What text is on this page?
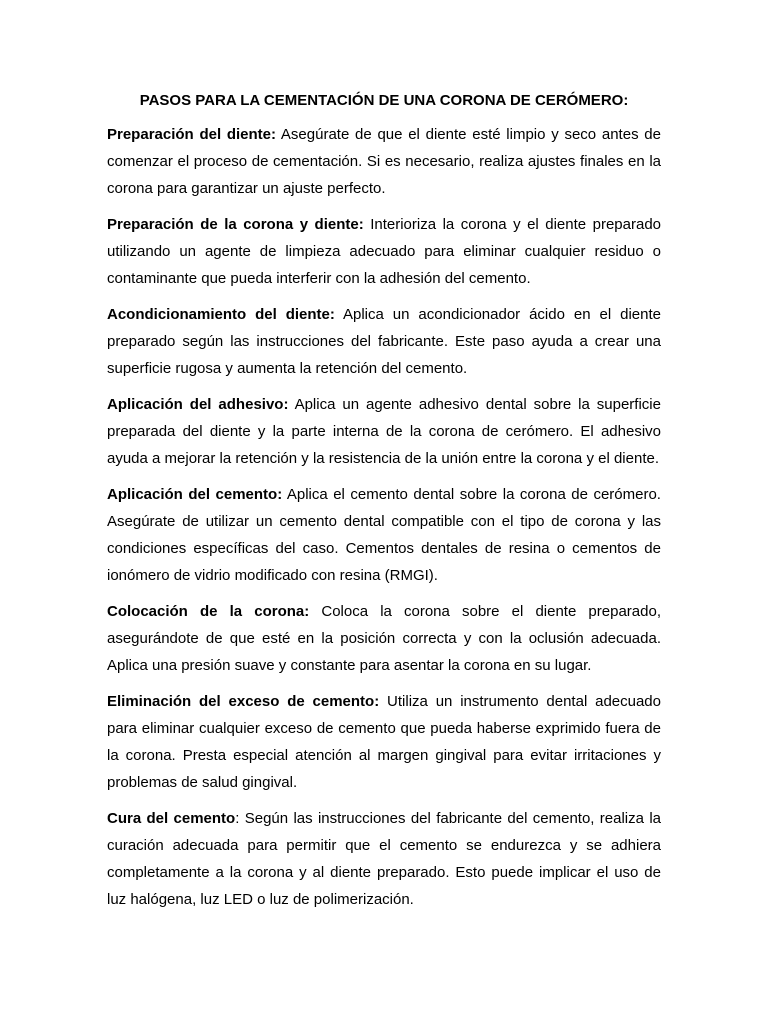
PASOS PARA LA CEMENTACIÓN DE UNA CORONA DE CERÓMERO:

Preparación del diente: Asegúrate de que el diente esté limpio y seco antes de comenzar el proceso de cementación. Si es necesario, realiza ajustes finales en la corona para garantizar un ajuste perfecto.

Preparación de la corona y diente: Interioriza la corona y el diente preparado utilizando un agente de limpieza adecuado para eliminar cualquier residuo o contaminante que pueda interferir con la adhesión del cemento.

Acondicionamiento del diente: Aplica un acondicionador ácido en el diente preparado según las instrucciones del fabricante. Este paso ayuda a crear una superficie rugosa y aumenta la retención del cemento.

Aplicación del adhesivo: Aplica un agente adhesivo dental sobre la superficie preparada del diente y la parte interna de la corona de cerómero. El adhesivo ayuda a mejorar la retención y la resistencia de la unión entre la corona y el diente.

Aplicación del cemento: Aplica el cemento dental sobre la corona de cerómero. Asegúrate de utilizar un cemento dental compatible con el tipo de corona y las condiciones específicas del caso. Cementos dentales de resina o cementos de ionómero de vidrio modificado con resina (RMGI).

Colocación de la corona: Coloca la corona sobre el diente preparado, asegurándote de que esté en la posición correcta y con la oclusión adecuada. Aplica una presión suave y constante para asentar la corona en su lugar.

Eliminación del exceso de cemento: Utiliza un instrumento dental adecuado para eliminar cualquier exceso de cemento que pueda haberse exprimido fuera de la corona. Presta especial atención al margen gingival para evitar irritaciones y problemas de salud gingival.

Cura del cemento: Según las instrucciones del fabricante del cemento, realiza la curación adecuada para permitir que el cemento se endurezca y se adhiera completamente a la corona y al diente preparado. Esto puede implicar el uso de luz halógena, luz LED o luz de polimerización.
